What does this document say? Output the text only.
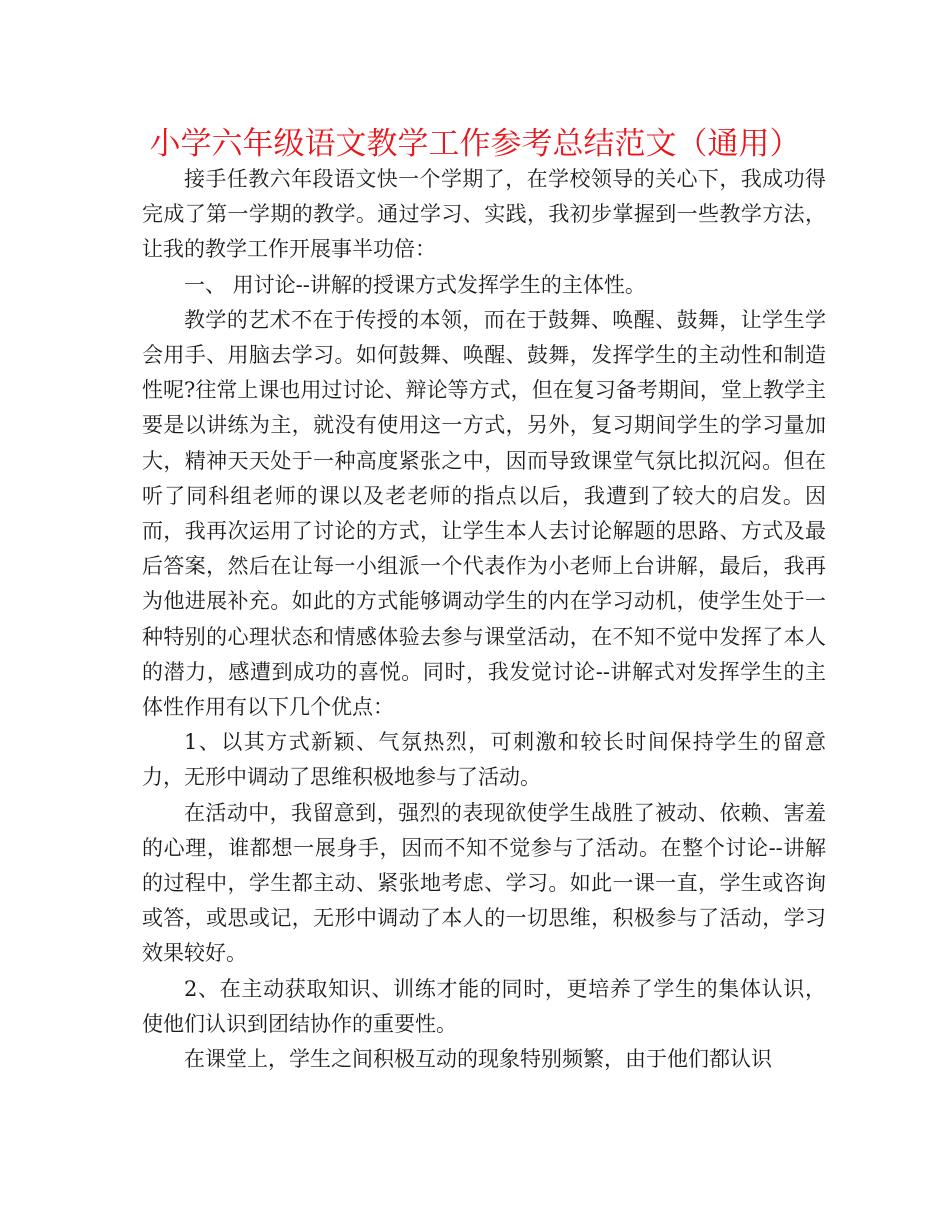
小学六年级语文教学工作参考总结范文（通用）

接手任教六年段语文快一个学期了，在学校领导的关心下，我成功得完成了第一学期的教学。通过学习、实践，我初步掌握到一些教学方法，让我的教学工作开展事半功倍：

一、 用讨论--讲解的授课方式发挥学生的主体性。

教学的艺术不在于传授的本领，而在于鼓舞、唤醒、鼓舞，让学生学会用手、用脑去学习。如何鼓舞、唤醒、鼓舞，发挥学生的主动性和制造性呢?往常上课也用过讨论、辩论等方式，但在复习备考期间，堂上教学主要是以讲练为主，就没有使用这一方式，另外，复习期间学生的学习量加大，精神天天处于一种高度紧张之中，因而导致课堂气氛比拟沉闷。但在听了同科组老师的课以及老老师的指点以后，我遭到了较大的启发。因而，我再次运用了讨论的方式，让学生本人去讨论解题的思路、方式及最后答案，然后在让每一小组派一个代表作为小老师上台讲解，最后，我再为他进展补充。如此的方式能够调动学生的内在学习动机，使学生处于一种特别的心理状态和情感体验去参与课堂活动，在不知不觉中发挥了本人的潜力，感遭到成功的喜悦。同时，我发觉讨论--讲解式对发挥学生的主体性作用有以下几个优点：

1、以其方式新颖、气氛热烈，可刺激和较长时间保持学生的留意力，无形中调动了思维积极地参与了活动。

在活动中，我留意到，强烈的表现欲使学生战胜了被动、依赖、害羞的心理，谁都想一展身手，因而不知不觉参与了活动。在整个讨论--讲解的过程中，学生都主动、紧张地考虑、学习。如此一课一直，学生或咨询或答，或思或记，无形中调动了本人的一切思维，积极参与了活动，学习效果较好。

2、在主动获取知识、训练才能的同时，更培养了学生的集体认识，使他们认识到团结协作的重要性。

在课堂上，学生之间积极互动的现象特别频繁，由于他们都认识
